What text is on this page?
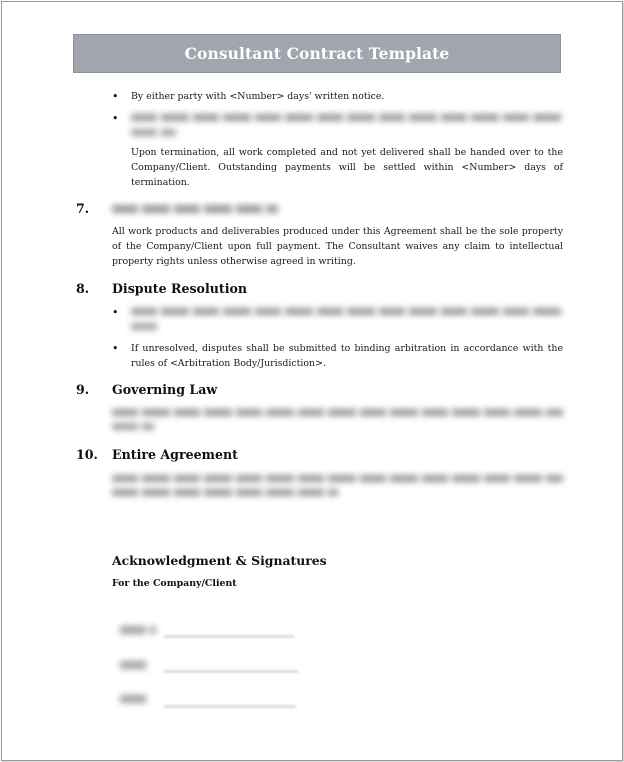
Consultant Contract Template
• By either party with <Number> days' written notice.
•
Upon termination, all work completed and not yet delivered shall be handed over to the Company/Client. Outstanding payments will be settled within <Number> days of termination.
7.
All work products and deliverables produced under this Agreement shall be the sole property of the Company/Client upon full payment. The Consultant waives any claim to intellectual property rights unless otherwise agreed in writing.
8. Dispute Resolution
•
• If unresolved, disputes shall be submitted to binding arbitration in accordance with the rules of <Arbitration Body/Jurisdiction>.
9. Governing Law
10. Entire Agreement
Acknowledgment & Signatures
For the Company/Client
